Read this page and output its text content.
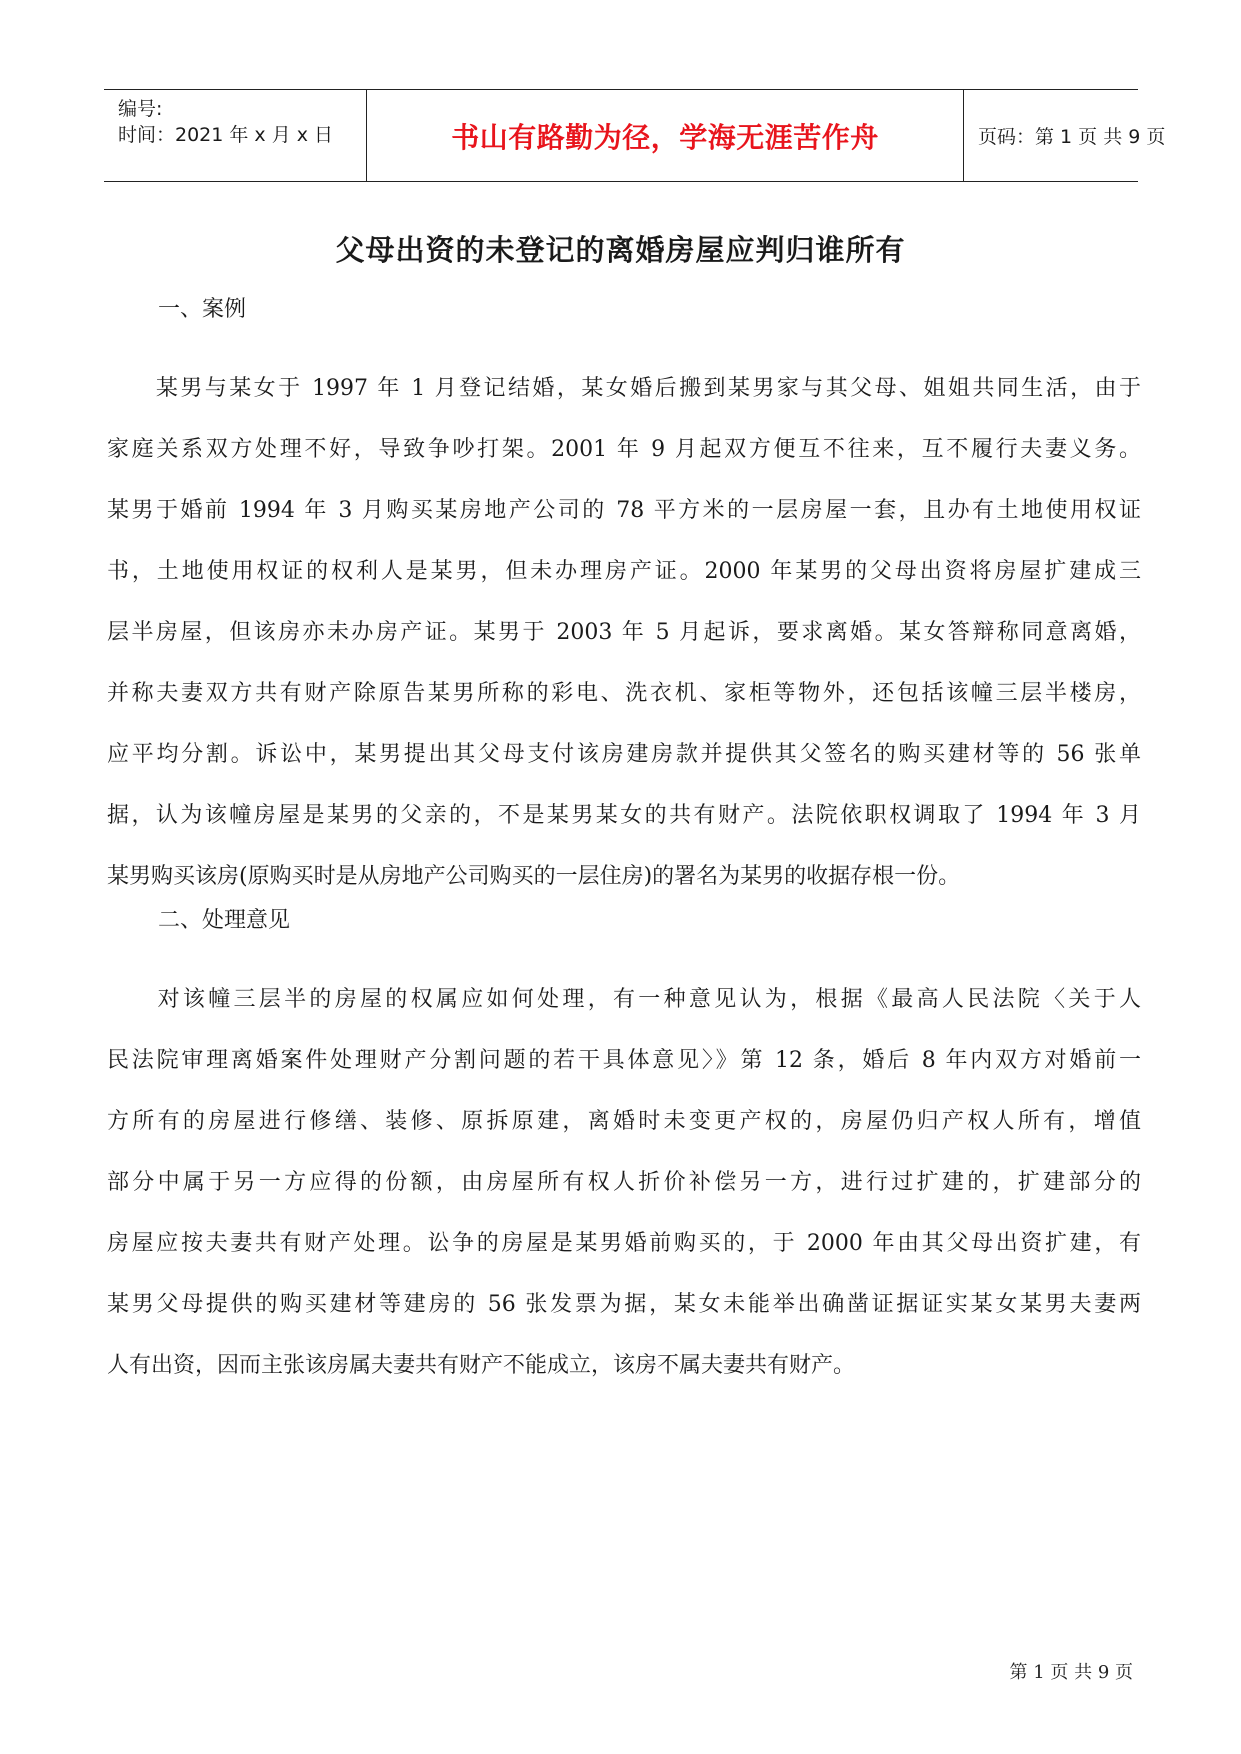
编号:
时间：2021 年 x 月 x 日	书山有路勤为径，学海无涯苦作舟	页码：第 1 页 共 9 页
父母出资的未登记的离婚房屋应判归谁所有
一、案例
　　某男与某女于 1997 年 1 月登记结婚，某女婚后搬到某男家与其父母、姐姐共同生活，由于
家庭关系双方处理不好，导致争吵打架。2001 年 9 月起双方便互不往来，互不履行夫妻义务。
某男于婚前 1994 年 3 月购买某房地产公司的 78 平方米的一层房屋一套，且办有土地使用权证
书，土地使用权证的权利人是某男，但未办理房产证。2000 年某男的父母出资将房屋扩建成三
层半房屋，但该房亦未办房产证。某男于 2003 年 5 月起诉，要求离婚。某女答辩称同意离婚，
并称夫妻双方共有财产除原告某男所称的彩电、洗衣机、家柜等物外，还包括该幢三层半楼房，
应平均分割。诉讼中，某男提出其父母支付该房建房款并提供其父签名的购买建材等的 56 张单
据，认为该幢房屋是某男的父亲的，不是某男某女的共有财产。法院依职权调取了 1994 年 3 月
某男购买该房(原购买时是从房地产公司购买的一层住房)的署名为某男的收据存根一份。
二、处理意见
　　对该幢三层半的房屋的权属应如何处理，有一种意见认为，根据《最高人民法院〈关于人
民法院审理离婚案件处理财产分割问题的若干具体意见〉》第 12 条，婚后 8 年内双方对婚前一
方所有的房屋进行修缮、装修、原拆原建，离婚时未变更产权的，房屋仍归产权人所有，增值
部分中属于另一方应得的份额，由房屋所有权人折价补偿另一方，进行过扩建的，扩建部分的
房屋应按夫妻共有财产处理。讼争的房屋是某男婚前购买的，于 2000 年由其父母出资扩建，有
某男父母提供的购买建材等建房的 56 张发票为据，某女未能举出确凿证据证实某女某男夫妻两
人有出资，因而主张该房属夫妻共有财产不能成立，该房不属夫妻共有财产。
第 1 页 共 9 页
